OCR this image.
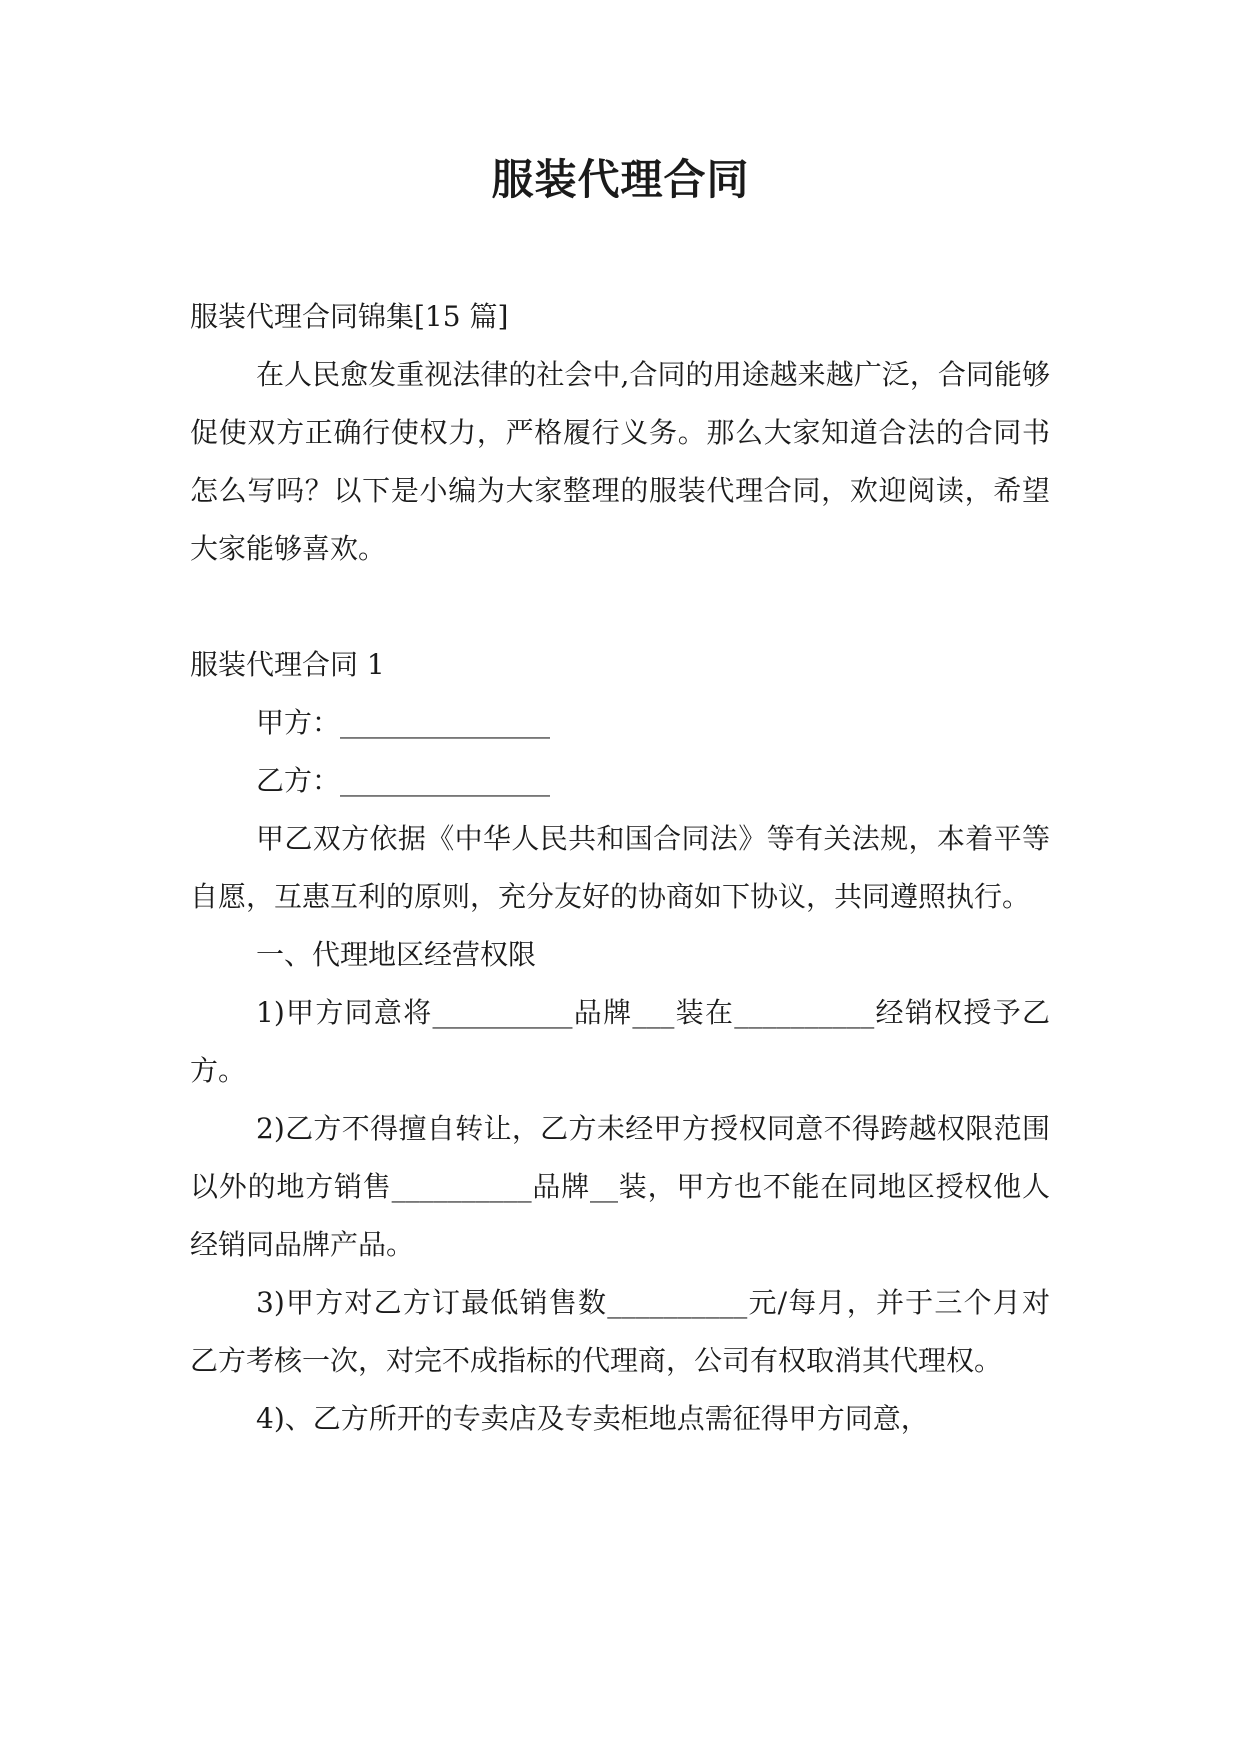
服装代理合同

服装代理合同锦集[15 篇]

在人民愈发重视法律的社会中,合同的用途越来越广泛，合同能够促使双方正确行使权力，严格履行义务。那么大家知道合法的合同书怎么写吗？以下是小编为大家整理的服装代理合同，欢迎阅读，希望大家能够喜欢。

服装代理合同 1

甲方：_______________

乙方：_______________

甲乙双方依据《中华人民共和国合同法》等有关法规，本着平等自愿，互惠互利的原则，充分友好的协商如下协议，共同遵照执行。

一、代理地区经营权限

1)甲方同意将__________品牌___装在__________经销权授予乙方。

2)乙方不得擅自转让，乙方未经甲方授权同意不得跨越权限范围以外的地方销售__________品牌__装，甲方也不能在同地区授权他人经销同品牌产品。

3)甲方对乙方订最低销售数__________元/每月，并于三个月对乙方考核一次，对完不成指标的代理商，公司有权取消其代理权。

4)、乙方所开的专卖店及专卖柜地点需征得甲方同意，
